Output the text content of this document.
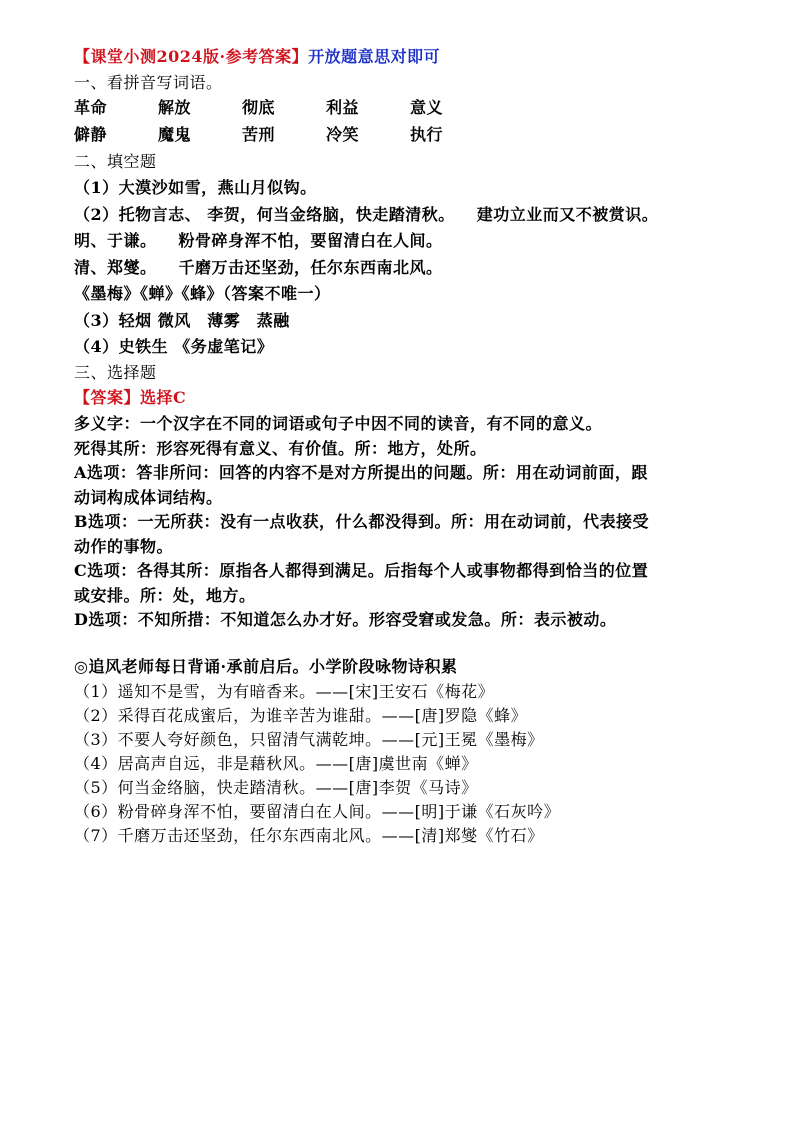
【课堂小测2024版·参考答案】开放题意思对即可
一、看拼音写词语。
革命	解放	彻底	利益	意义
僻静	魔鬼	苦刑	冷笑	执行
二、填空题
（1）大漠沙如雪，燕山月似钩。
（2）托物言志、 李贺，何当金络脑，快走踏清秋。 建功立业而又不被赏识。
明、于谦。 粉骨碎身浑不怕，要留清白在人间。
清、郑燮。 千磨万击还坚劲，任尔东西南北风。
《墨梅》《蝉》《蜂》（答案不唯一）
（3）轻烟 微风　薄雾　蒸融
（4）史铁生 《务虚笔记》
三、选择题
【答案】选择C
多义字：一个汉字在不同的词语或句子中因不同的读音，有不同的意义。
死得其所：形容死得有意义、有价值。所：地方，处所。
A选项：答非所问：回答的内容不是对方所提出的问题。所：用在动词前面，跟
动词构成体词结构。
B选项：一无所获：没有一点收获，什么都没得到。所：用在动词前，代表接受
动作的事物。
C选项：各得其所：原指各人都得到满足。后指每个人或事物都得到恰当的位置
或安排。所：处，地方。
D选项：不知所措：不知道怎么办才好。形容受窘或发急。所：表示被动。
◎追风老师每日背诵·承前启后。小学阶段咏物诗积累
（1）遥知不是雪，为有暗香来。——[宋]王安石《梅花》
（2）采得百花成蜜后，为谁辛苦为谁甜。——[唐]罗隐《蜂》
（3）不要人夸好颜色，只留清气满乾坤。——[元]王冕《墨梅》
（4）居高声自远，非是藉秋风。——[唐]虞世南《蝉》
（5）何当金络脑，快走踏清秋。——[唐]李贺《马诗》
（6）粉骨碎身浑不怕，要留清白在人间。——[明]于谦《石灰吟》
（7）千磨万击还坚劲，任尔东西南北风。——[清]郑燮《竹石》
